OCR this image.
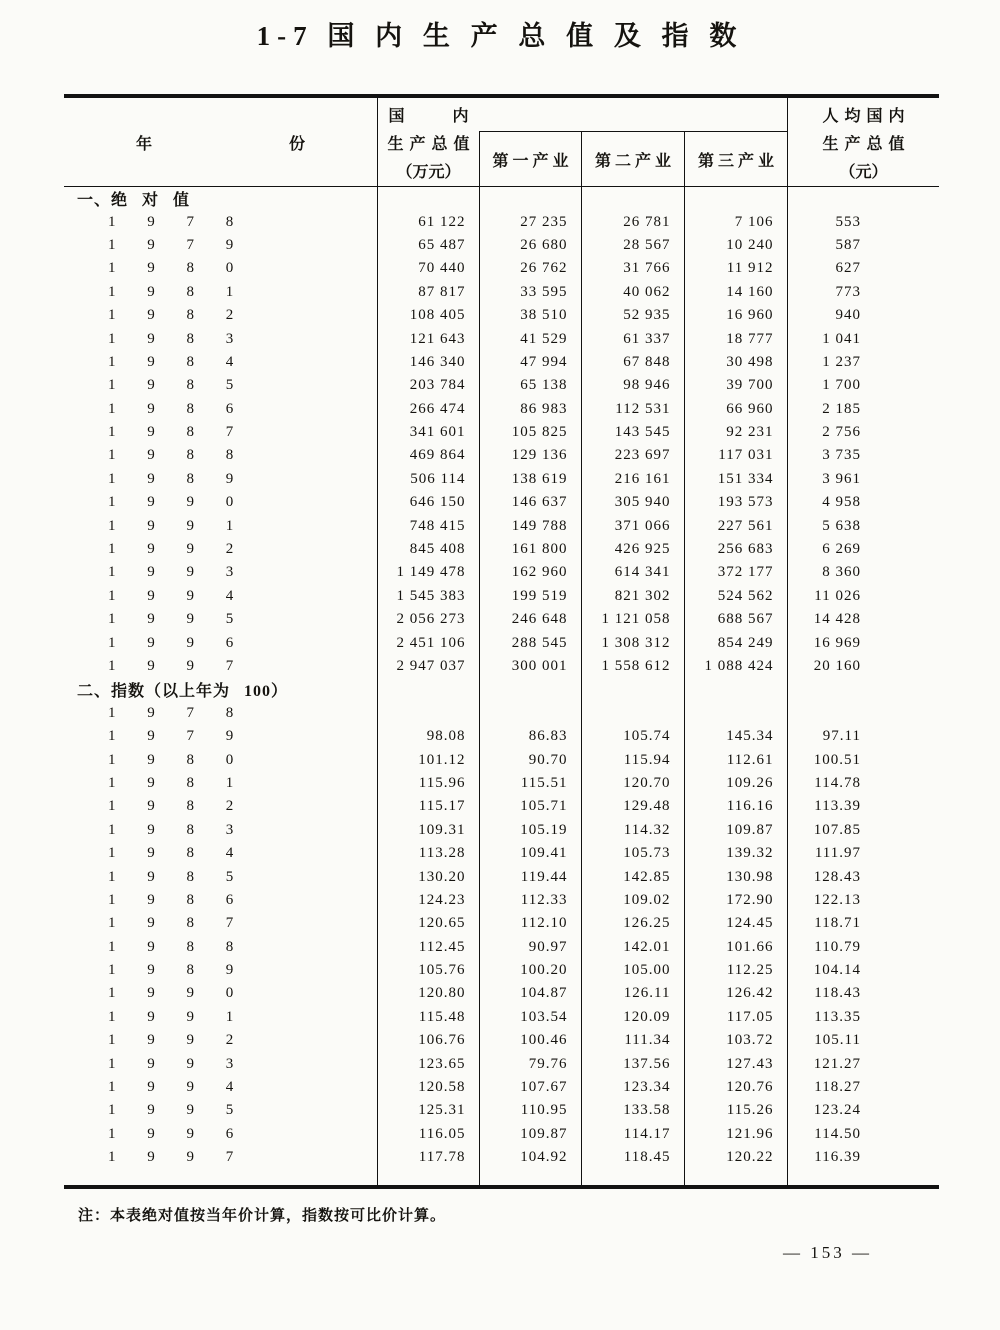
1-7 国 内 生 产 总 值 及 指 数
年	份
国　　　内
生 产 总 值
（万元）
第 一 产 业	第 二 产 业	第 三 产 业
人 均 国 内
生 产 总 值
（元）
一、绝 对 值					
1 9 7 8	61 122	27 235	26 781	7 106	553
1 9 7 9	65 487	26 680	28 567	10 240	587
1 9 8 0	70 440	26 762	31 766	11 912	627
1 9 8 1	87 817	33 595	40 062	14 160	773
1 9 8 2	108 405	38 510	52 935	16 960	940
1 9 8 3	121 643	41 529	61 337	18 777	1 041
1 9 8 4	146 340	47 994	67 848	30 498	1 237
1 9 8 5	203 784	65 138	98 946	39 700	1 700
1 9 8 6	266 474	86 983	112 531	66 960	2 185
1 9 8 7	341 601	105 825	143 545	92 231	2 756
1 9 8 8	469 864	129 136	223 697	117 031	3 735
1 9 8 9	506 114	138 619	216 161	151 334	3 961
1 9 9 0	646 150	146 637	305 940	193 573	4 958
1 9 9 1	748 415	149 788	371 066	227 561	5 638
1 9 9 2	845 408	161 800	426 925	256 683	6 269
1 9 9 3	1 149 478	162 960	614 341	372 177	8 360
1 9 9 4	1 545 383	199 519	821 302	524 562	11 026
1 9 9 5	2 056 273	246 648	1 121 058	688 567	14 428
1 9 9 6	2 451 106	288 545	1 308 312	854 249	16 969
1 9 9 7	2 947 037	300 001	1 558 612	1 088 424	20 160
二、指数（以上年为 100）					
1 9 7 8					
1 9 7 9	98.08	86.83	105.74	145.34	97.11
1 9 8 0	101.12	90.70	115.94	112.61	100.51
1 9 8 1	115.96	115.51	120.70	109.26	114.78
1 9 8 2	115.17	105.71	129.48	116.16	113.39
1 9 8 3	109.31	105.19	114.32	109.87	107.85
1 9 8 4	113.28	109.41	105.73	139.32	111.97
1 9 8 5	130.20	119.44	142.85	130.98	128.43
1 9 8 6	124.23	112.33	109.02	172.90	122.13
1 9 8 7	120.65	112.10	126.25	124.45	118.71
1 9 8 8	112.45	90.97	142.01	101.66	110.79
1 9 8 9	105.76	100.20	105.00	112.25	104.14
1 9 9 0	120.80	104.87	126.11	126.42	118.43
1 9 9 1	115.48	103.54	120.09	117.05	113.35
1 9 9 2	106.76	100.46	111.34	103.72	105.11
1 9 9 3	123.65	79.76	137.56	127.43	121.27
1 9 9 4	120.58	107.67	123.34	120.76	118.27
1 9 9 5	125.31	110.95	133.58	115.26	123.24
1 9 9 6	116.05	109.87	114.17	121.96	114.50
1 9 9 7	117.78	104.92	118.45	120.22	116.39

注：本表绝对值按当年价计算，指数按可比价计算。
— 153 —
